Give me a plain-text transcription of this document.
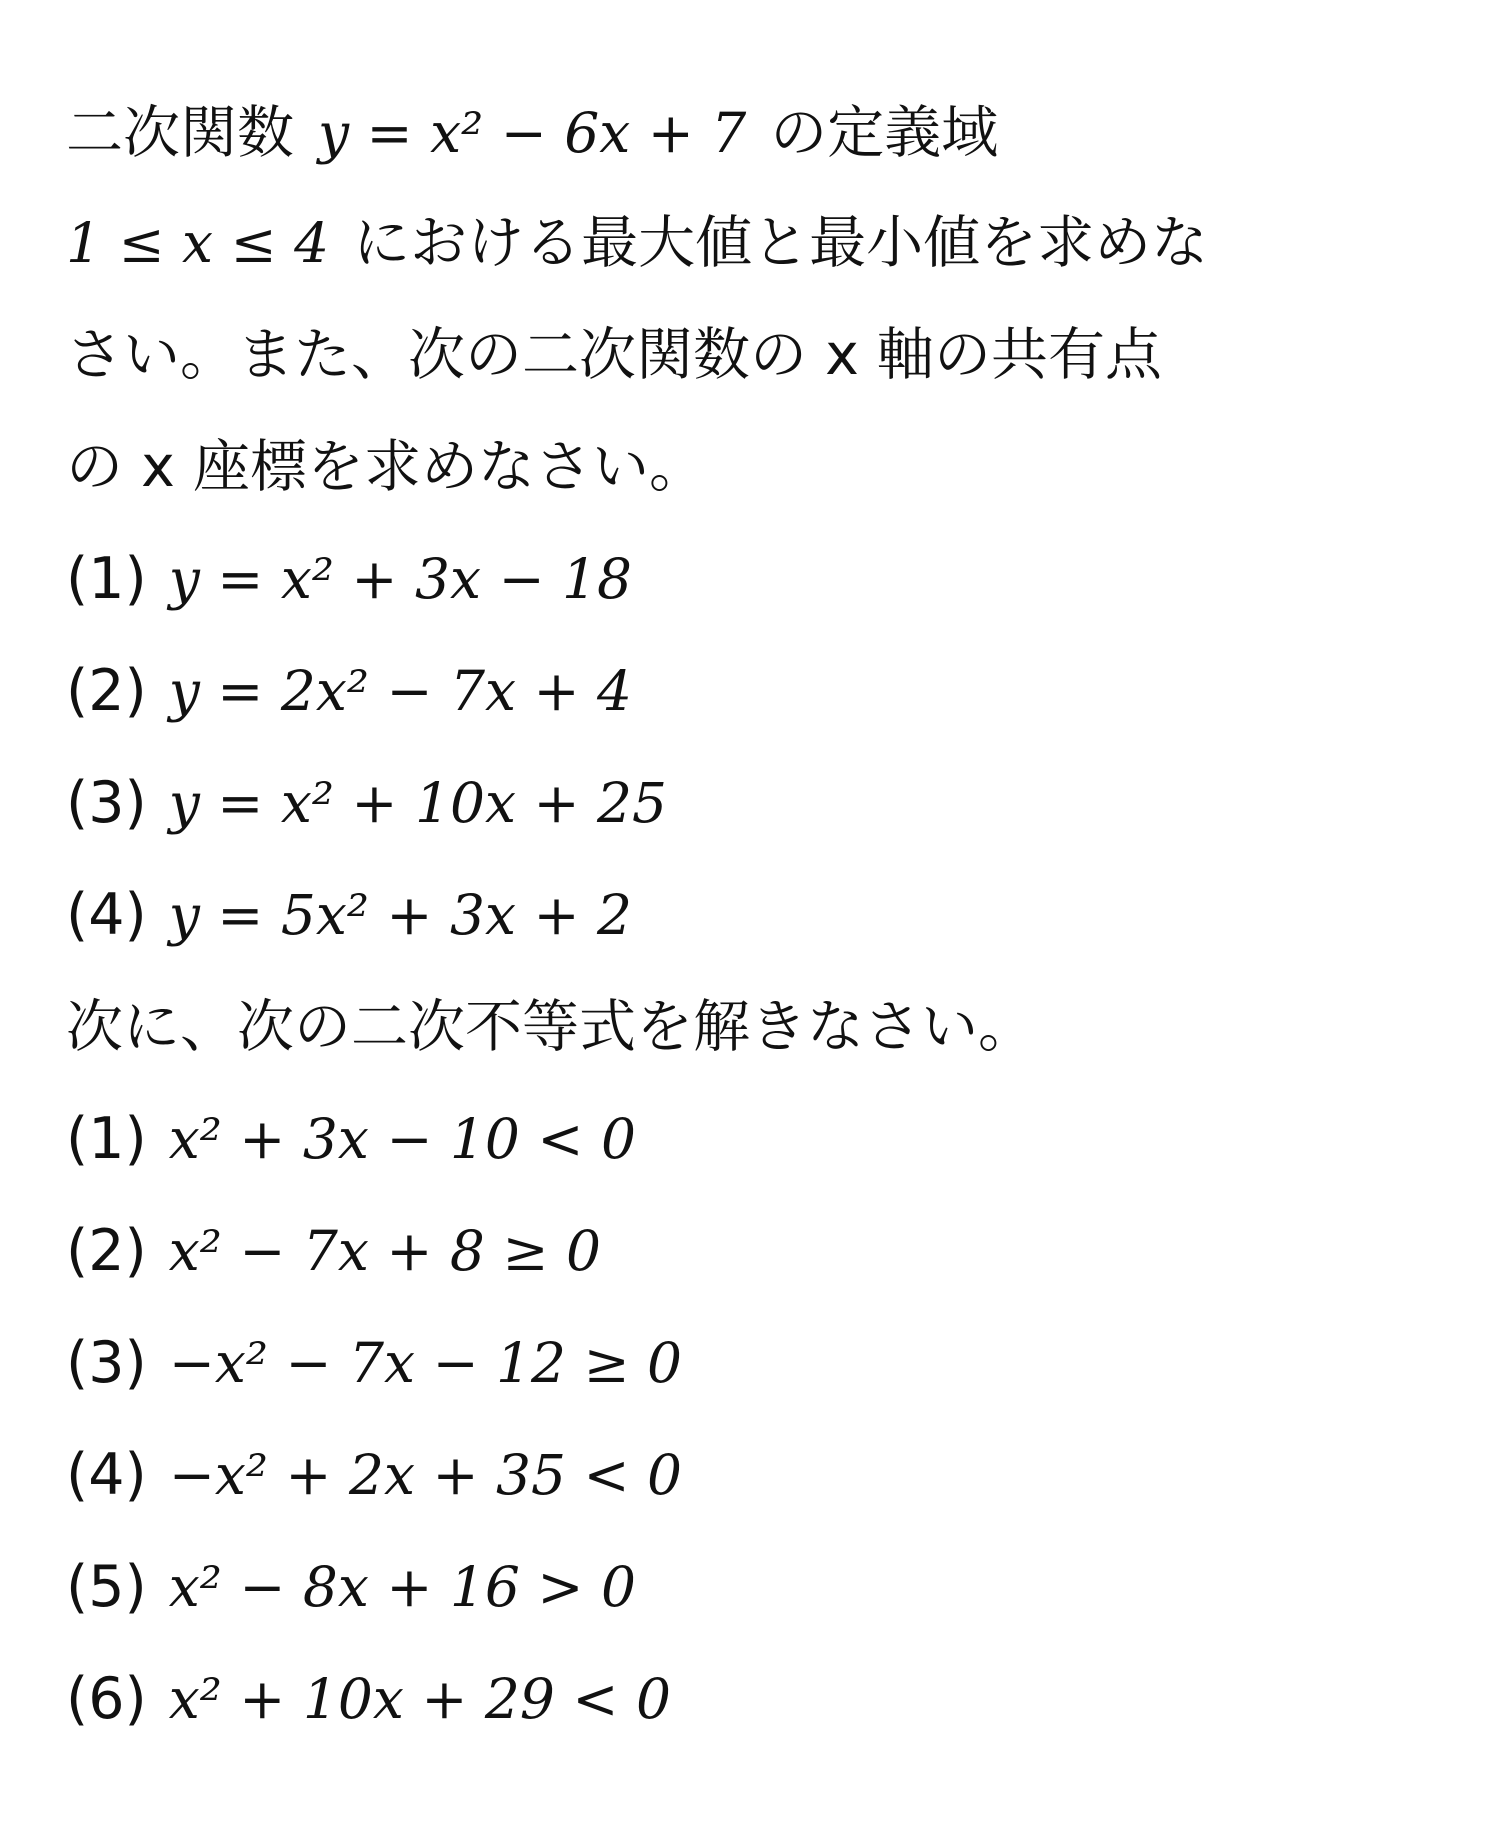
二次関数 y = x² − 6x + 7 の定義域
1 ≤ x ≤ 4 における最大値と最小値を求めな
さい。また、次の二次関数の x 軸の共有点
の x 座標を求めなさい。
(1) y = x² + 3x − 18
(2) y = 2x² − 7x + 4
(3) y = x² + 10x + 25
(4) y = 5x² + 3x + 2
次に、次の二次不等式を解きなさい。
(1) x² + 3x − 10 < 0
(2) x² − 7x + 8 ≥ 0
(3) −x² − 7x − 12 ≥ 0
(4) −x² + 2x + 35 < 0
(5) x² − 8x + 16 > 0
(6) x² + 10x + 29 < 0
